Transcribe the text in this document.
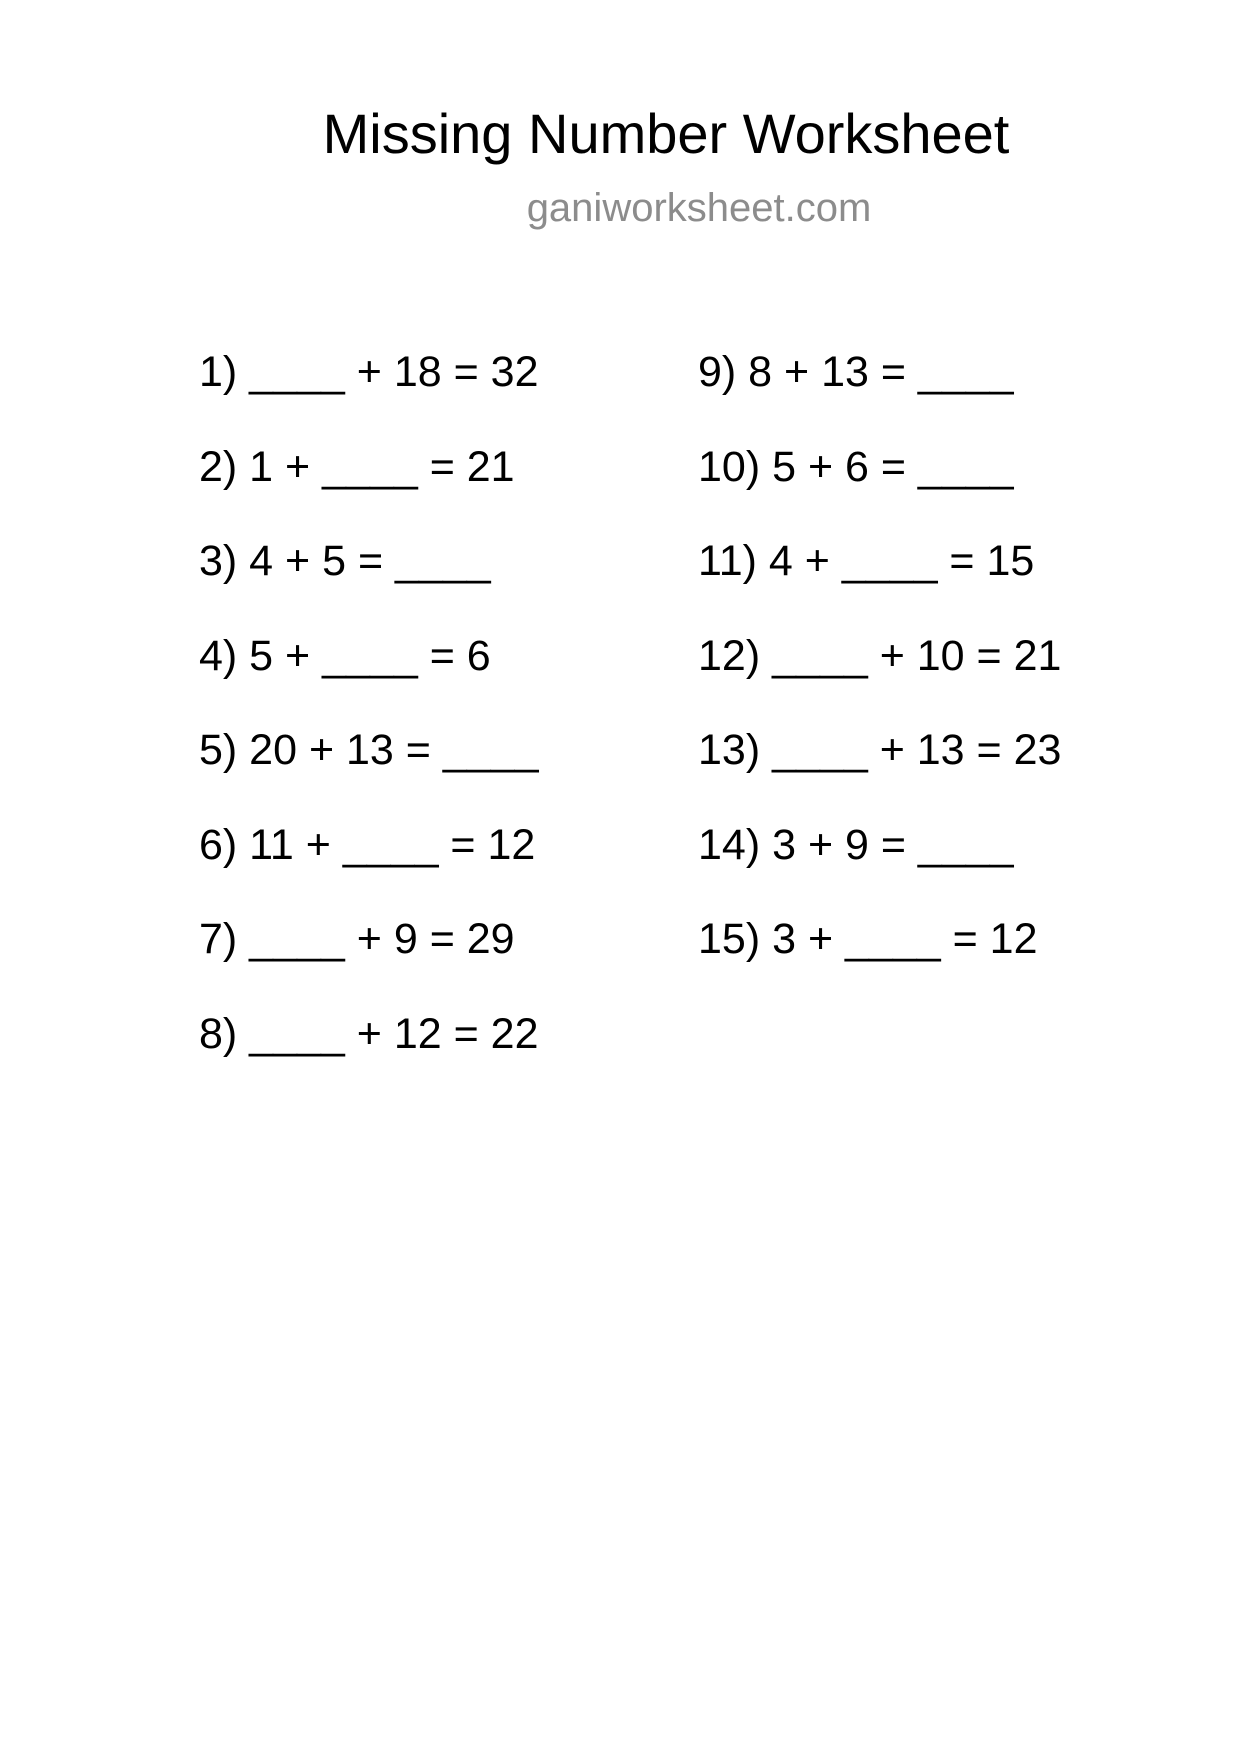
Missing Number Worksheet
ganiworksheet.com
1) ____ + 18 = 32
2) 1 + ____ = 21
3) 4 + 5 = ____
4) 5 + ____ = 6
5) 20 + 13 = ____
6) 11 + ____ = 12
7) ____ + 9 = 29
8) ____ + 12 = 22
9) 8 + 13 = ____
10) 5 + 6 = ____
11) 4 + ____ = 15
12) ____ + 10 = 21
13) ____ + 13 = 23
14) 3 + 9 = ____
15) 3 + ____ = 12
